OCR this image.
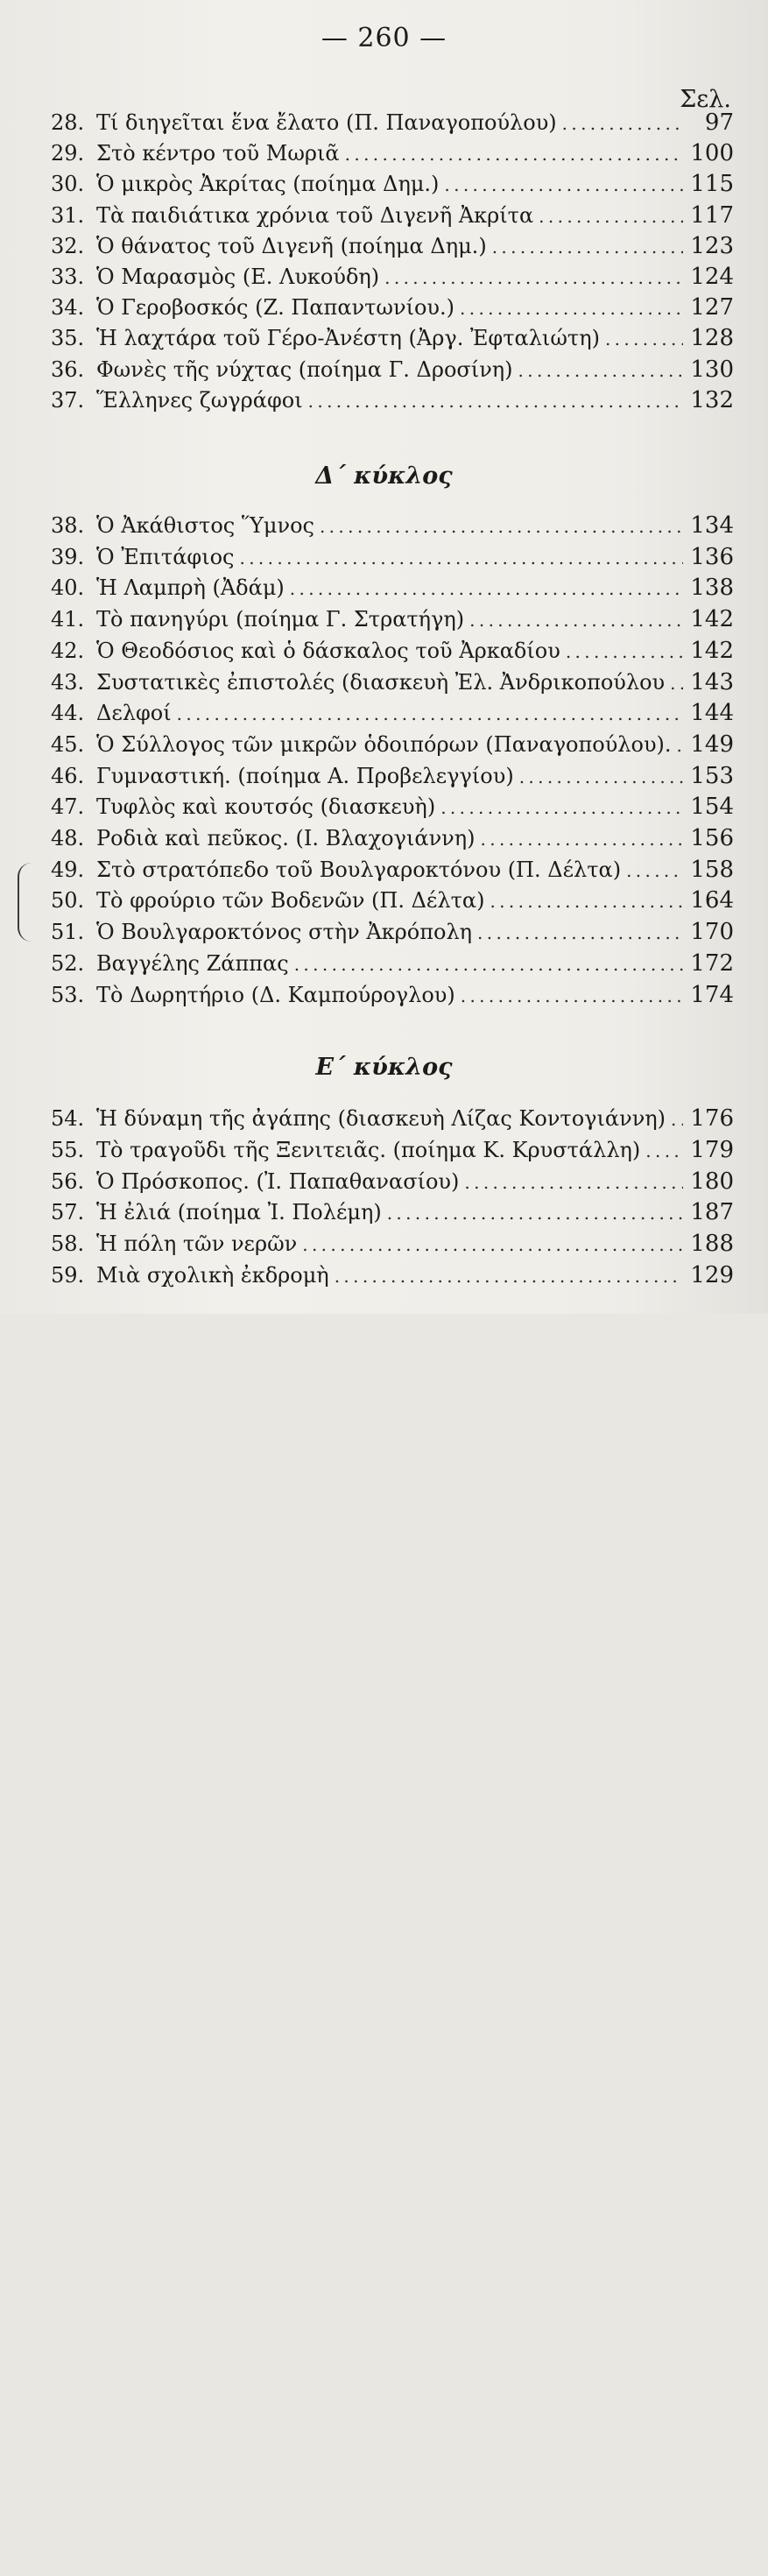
— 260 —
Σελ.
Δ΄ κύκλος
Ε΄ κύκλος
28. Τί διηγεῖται ἕνα ἔλατο (Π. Παναγοπούλου) . . .	97
29. Στὸ κέντρο τοῦ Μωριᾶ . . .	100
30. Ὁ μικρὸς Ἀκρίτας (ποίημα Δημ.) . . .	115
31. Τὰ παιδιάτικα χρόνια τοῦ Διγενῆ Ἀκρίτα . . .	117
32. Ὁ θάνατος τοῦ Διγενῆ (ποίημα Δημ.) . . .	123
33. Ὁ Μαρασμὸς (Ε. Λυκούδη) . . .	124
34. Ὁ Γεροβοσκός (Ζ. Παπαντωνίου.) . . .	127
35. Ἡ λαχτάρα τοῦ Γέρο-Ἀνέστη (Ἀργ. Ἐφταλιώτη) . . .	128
36. Φωνὲς τῆς νύχτας (ποίημα Γ. Δροσίνη) . . .	130
37. Ἕλληνες ζωγράφοι . . .	132
38. Ὁ Ἀκάθιστος Ὕμνος . . .	134
39. Ὁ Ἐπιτάφιος . . .	136
40. Ἡ Λαμπρὴ (Ἀδάμ) . . .	138
41. Τὸ πανηγύρι (ποίημα Γ. Στρατήγη) . . .	142
42. Ὁ Θεοδόσιος καὶ ὁ δάσκαλος τοῦ Ἀρκαδίου . . .	142
43. Συστατικὲς ἐπιστολές (διασκευὴ Ἐλ. Ἀνδρικοπούλου . . . 143
44. Δελφοί . . .	144
45. Ὁ Σύλλογος τῶν μικρῶν ὁδοιπόρων (Παναγοπούλου). . . . 149
46. Γυμναστική. (ποίημα Α. Προβελεγγίου) . . .	153
47. Τυφλὸς καὶ κουτσός (διασκευὴ) . . .	154
48. Ροδιὰ καὶ πεῦκος. (Ι. Βλαχογιάννη) . . .	156
49. Στὸ στρατόπεδο τοῦ Βουλγαροκτόνου (Π. Δέλτα) . . .	158
50. Τὸ φρούριο τῶν Βοδενῶν (Π. Δέλτα) . . .	164
51. Ὁ Βουλγαροκτόνος στὴν Ἀκρόπολη . . .	170
52. Βαγγέλης Ζάππας . . .	172
53. Τὸ Δωρητήριο (Δ. Καμπούρογλου) . . .	174
54. Ἡ δύναμη τῆς ἀγάπης (διασκευὴ Λίζας Κοντογιάννη) . . . 176
55. Τὸ τραγοῦδι τῆς Ξενιτειᾶς. (ποίημα Κ. Κρυστάλλη) . . . 179
56. Ὁ Πρόσκοπος. (Ἰ. Παπαθανασίου) . . .	180
57. Ἡ ἐλιά (ποίημα Ἰ. Πολέμη) . . .	187
58. Ἡ πόλη τῶν νερῶν . . .	188
59. Μιὰ σχολικὴ ἐκδρομὴ . . .	129
